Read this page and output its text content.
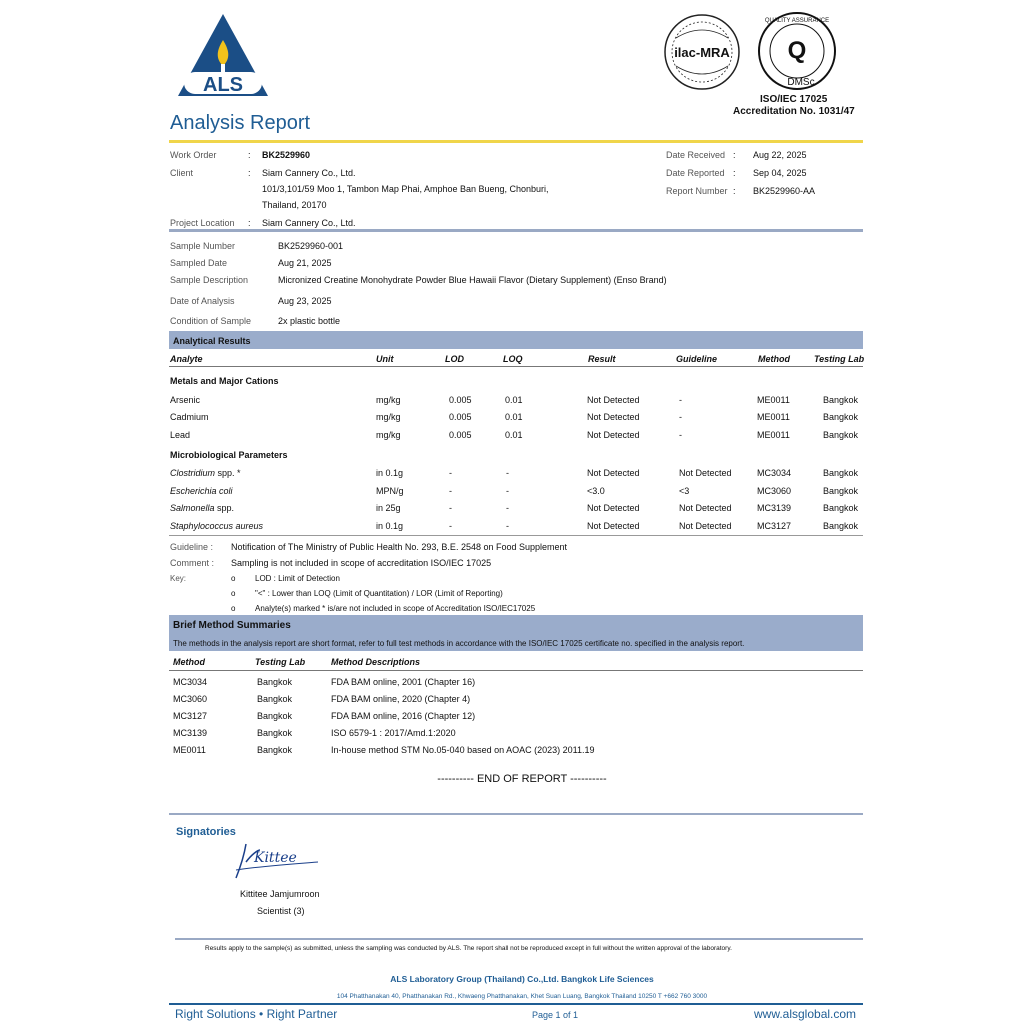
ALS
ilac-MRA
QUALITY ASSURANCE
Q
DMSc
ISO/IEC 17025
Accreditation No. 1031/47
Analysis Report
Work Order	: BK2529960
Client	: Siam Cannery Co., Ltd.
101/3,101/59 Moo 1, Tambon Map Phai, Amphoe Ban Bueng, Chonburi,
Thailand, 20170
Project Location : Siam Cannery Co., Ltd.
Date Received : Aug 22, 2025
Date Reported : Sep 04, 2025
Report Number : BK2529960-AA
Sample Number	BK2529960-001
Sampled Date	Aug 21, 2025
Sample Description	Micronized Creatine Monohydrate Powder Blue Hawaii Flavor (Dietary Supplement) (Enso Brand)
Date of Analysis	Aug 23, 2025
Condition of Sample	2x plastic bottle
Analytical Results
Analyte	Unit	LOD	LOQ	Result	Guideline	Method	Testing Lab
Metals and Major Cations
Arsenic	mg/kg	0.005	0.01	Not Detected	-	ME0011	Bangkok
Cadmium	mg/kg	0.005	0.01	Not Detected	-	ME0011	Bangkok
Lead	mg/kg	0.005	0.01	Not Detected	-	ME0011	Bangkok
Microbiological Parameters
Clostridium spp. *	in 0.1g	-	-	Not Detected	Not Detected	MC3034	Bangkok
Escherichia coli	MPN/g	-	-	<3.0	<3	MC3060	Bangkok
Salmonella spp.	in 25g	-	-	Not Detected	Not Detected	MC3139	Bangkok
Staphylococcus aureus	in 0.1g	-	-	Not Detected	Not Detected	MC3127	Bangkok
Guideline : Notification of The Ministry of Public Health No. 293, B.E. 2548 on Food Supplement
Comment : Sampling is not included in scope of accreditation ISO/IEC 17025
Key:	o LOD : Limit of Detection
o "<" : Lower than LOQ (Limit of Quantitation) / LOR (Limit of Reporting)
o Analyte(s) marked * is/are not included in scope of Accreditation ISO/IEC17025
Brief Method Summaries
The methods in the analysis report are short format, refer to full test methods in accordance with the ISO/IEC 17025 certificate no. specified in the analysis report.
Method	Testing Lab	Method Descriptions
MC3034	Bangkok	FDA BAM online, 2001 (Chapter 16)
MC3060	Bangkok	FDA BAM online, 2020 (Chapter 4)
MC3127	Bangkok	FDA BAM online, 2016 (Chapter 12)
MC3139	Bangkok	ISO 6579-1 : 2017/Amd.1:2020
ME0011	Bangkok	In-house method STM No.05-040 based on AOAC (2023) 2011.19
---------- END OF REPORT ----------
Signatories
Kittee
Kittitee Jamjumroon
Scientist (3)
Results apply to the sample(s) as submitted, unless the sampling was conducted by ALS. The report shall not be reproduced except in full without the written approval of the laboratory.
ALS Laboratory Group (Thailand) Co.,Ltd. Bangkok Life Sciences
104 Phatthanakan 40, Phatthanakan Rd., Khwaeng Phatthanakan, Khet Suan Luang, Bangkok Thailand 10250 T +662 760 3000
Right Solutions • Right Partner	Page 1 of 1	www.alsglobal.com
